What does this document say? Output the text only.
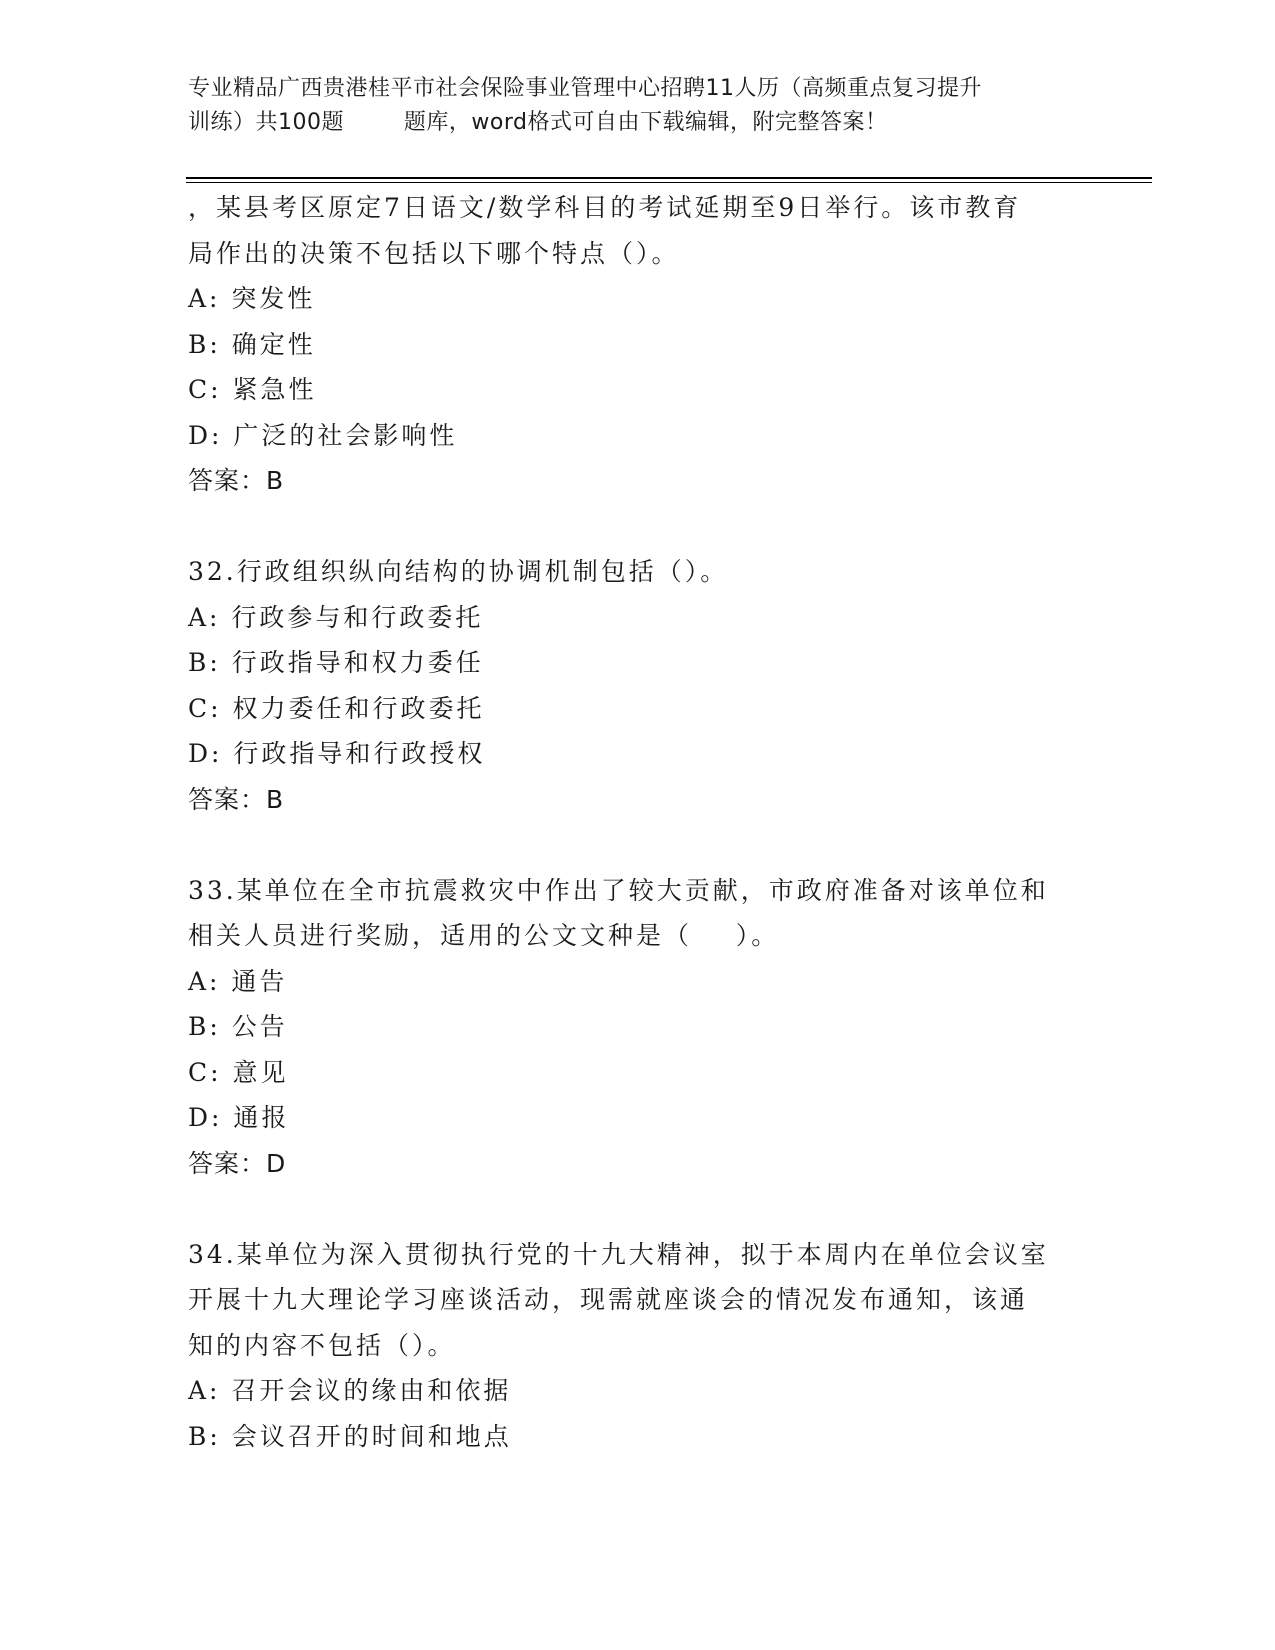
专业精品广西贵港桂平市社会保险事业管理中心招聘11人历（高频重点复习提升
训练）共100题        题库，word格式可自由下载编辑，附完整答案！

，某县考区原定7日语文/数学科目的考试延期至9日举行。该市教育

局作出的决策不包括以下哪个特点（）。

A: 突发性

B: 确定性

C: 紧急性

D: 广泛的社会影响性

答案：B

32.行政组织纵向结构的协调机制包括（）。

A: 行政参与和行政委托

B: 行政指导和权力委任

C: 权力委任和行政委托

D: 行政指导和行政授权

答案：B

33.某单位在全市抗震救灾中作出了较大贡献，市政府准备对该单位和

相关人员进行奖励，适用的公文文种是（    ）。

A: 通告

B: 公告

C: 意见

D: 通报

答案：D

34.某单位为深入贯彻执行党的十九大精神，拟于本周内在单位会议室

开展十九大理论学习座谈活动，现需就座谈会的情况发布通知，该通

知的内容不包括（）。

A: 召开会议的缘由和依据

B: 会议召开的时间和地点
